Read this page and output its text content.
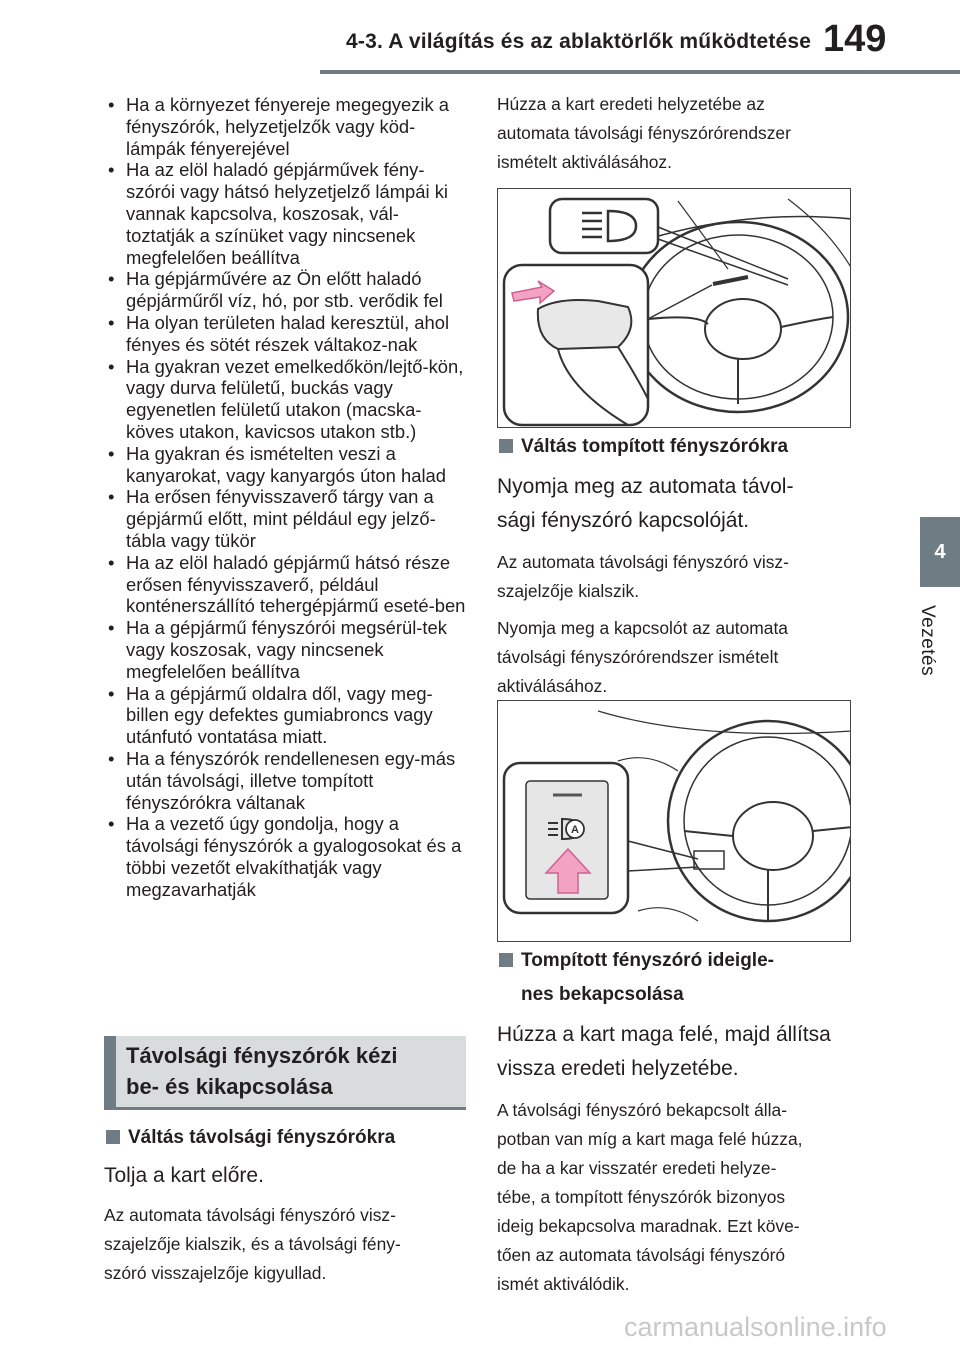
4-3. A világítás és az ablaktörlők működtetése 149
4
Vezetés
• Ha a környezet fényereje megegyezik a fényszórók, helyzetjelzők vagy köd-lámpák fényerejével
• Ha az elöl haladó gépjárművek fény-szórói vagy hátsó helyzetjelző lámpái ki vannak kapcsolva, koszosak, vál-toztatják a színüket vagy nincsenek megfelelően beállítva
• Ha gépjárművére az Ön előtt haladó gépjárműről víz, hó, por stb. verődik fel
• Ha olyan területen halad keresztül, ahol fényes és sötét részek váltakoz-nak
• Ha gyakran vezet emelkedőkön/lejtő-kön, vagy durva felületű, buckás vagy egyenetlen felületű utakon (macska-köves utakon, kavicsos utakon stb.)
• Ha gyakran és ismételten veszi a kanyarokat, vagy kanyargós úton halad
• Ha erősen fényvisszaverő tárgy van a gépjármű előtt, mint például egy jelző-tábla vagy tükör
• Ha az elöl haladó gépjármű hátsó része erősen fényvisszaverő, például konténerszállító tehergépjármű eseté-ben
• Ha a gépjármű fényszórói megsérül-tek vagy koszosak, vagy nincsenek megfelelően beállítva
• Ha a gépjármű oldalra dől, vagy meg-billen egy defektes gumiabroncs vagy utánfutó vontatása miatt.
• Ha a fényszórók rendellenesen egy-más után távolsági, illetve tompított fényszórókra váltanak
• Ha a vezető úgy gondolja, hogy a távolsági fényszórók a gyalogosokat és a többi vezetőt elvakíthatják vagy megzavarhatják
Távolsági fényszórók kézi
be- és kikapcsolása
Váltás távolsági fényszórókra
Tolja a kart előre.
Az automata távolsági fényszóró visz-
szajelzője kialszik, és a távolsági fény-
szóró visszajelzője kigyullad.
Húzza a kart eredeti helyzetébe az
automata távolsági fényszórórendszer
ismételt aktiválásához.
Váltás tompított fényszórókra
Nyomja meg az automata távol-
sági fényszóró kapcsolóját.
Az automata távolsági fényszóró visz-
szajelzője kialszik.
Nyomja meg a kapcsolót az automata
távolsági fényszórórendszer ismételt
aktiválásához.
A
Tompított fényszóró ideigle-
nes bekapcsolása
Húzza a kart maga felé, majd állítsa
vissza eredeti helyzetébe.
A távolsági fényszóró bekapcsolt álla-
potban van míg a kart maga felé húzza,
de ha a kar visszatér eredeti helyze-
tébe, a tompított fényszórók bizonyos
ideig bekapcsolva maradnak. Ezt köve-
tően az automata távolsági fényszóró
ismét aktiválódik.
carmanualsonline.info
